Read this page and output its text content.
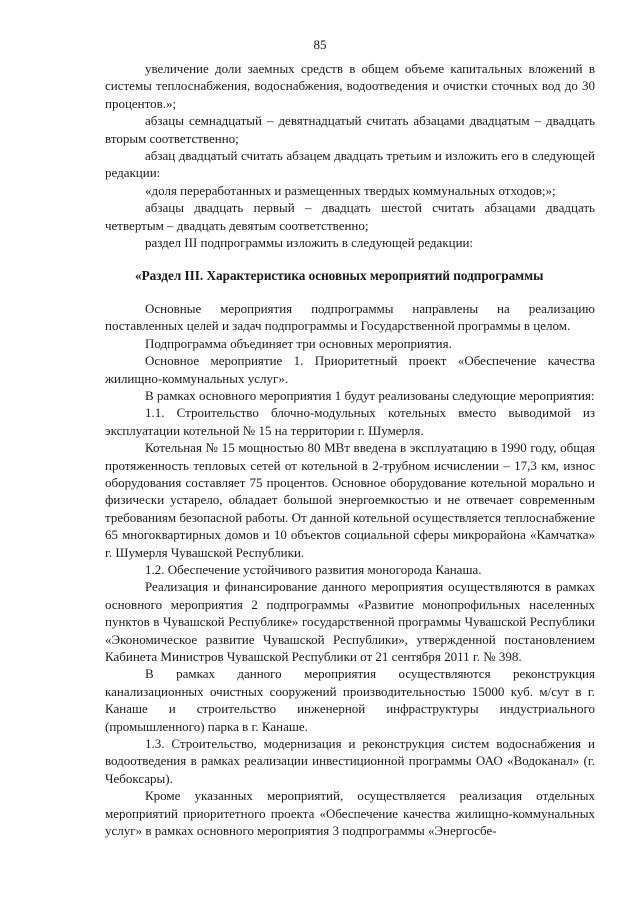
85

увеличение доли заемных средств в общем объеме капитальных вложений в системы теплоснабжения, водоснабжения, водоотведения и очистки сточных вод до 30 процентов.»;

абзацы семнадцатый – девятнадцатый считать абзацами двадцатым – двадцать вторым соответственно;

абзац двадцатый считать абзацем двадцать третьим и изложить его в следующей редакции:

«доля переработанных и размещенных твердых коммунальных отходов;»;

абзацы двадцать первый – двадцать шестой считать абзацами двадцать четвертым – двадцать девятым соответственно;

раздел III подпрограммы изложить в следующей редакции:

«Раздел III. Характеристика основных мероприятий подпрограммы

Основные мероприятия подпрограммы направлены на реализацию поставленных целей и задач подпрограммы и Государственной программы в целом.

Подпрограмма объединяет три основных мероприятия.

Основное мероприятие 1. Приоритетный проект «Обеспечение качества жилищно-коммунальных услуг».

В рамках основного мероприятия 1 будут реализованы следующие мероприятия:

1.1. Строительство блочно-модульных котельных вместо выводимой из эксплуатации котельной № 15 на территории г. Шумерля.

Котельная № 15 мощностью 80 МВт введена в эксплуатацию в 1990 году, общая протяженность тепловых сетей от котельной в 2-трубном исчислении – 17,3 км, износ оборудования составляет 75 процентов. Основное оборудование котельной морально и физически устарело, обладает большой энергоемкостью и не отвечает современным требованиям безопасной работы. От данной котельной осуществляется теплоснабжение 65 многоквартирных домов и 10 объектов социальной сферы микрорайона «Камчатка» г. Шумерля Чувашской Республики.

1.2. Обеспечение устойчивого развития моногорода Канаша.

Реализация и финансирование данного мероприятия осуществляются в рамках основного мероприятия 2 подпрограммы «Развитие монопрофильных населенных пунктов в Чувашской Республике» государственной программы Чувашской Республики «Экономическое развитие Чувашской Республики», утвержденной постановлением Кабинета Министров Чувашской Республики от 21 сентября 2011 г. № 398.

В рамках данного мероприятия осуществляются реконструкция канализационных очистных сооружений производительностью 15000 куб. м/сут в г. Канаше и строительство инженерной инфраструктуры индустриального (промышленного) парка в г. Канаше.

1.3. Строительство, модернизация и реконструкция систем водоснабжения и водоотведения в рамках реализации инвестиционной программы ОАО «Водоканал» (г. Чебоксары).

Кроме указанных мероприятий, осуществляется реализация отдельных мероприятий приоритетного проекта «Обеспечение качества жилищно-коммунальных услуг» в рамках основного мероприятия 3 подпрограммы «Энергосбе-
